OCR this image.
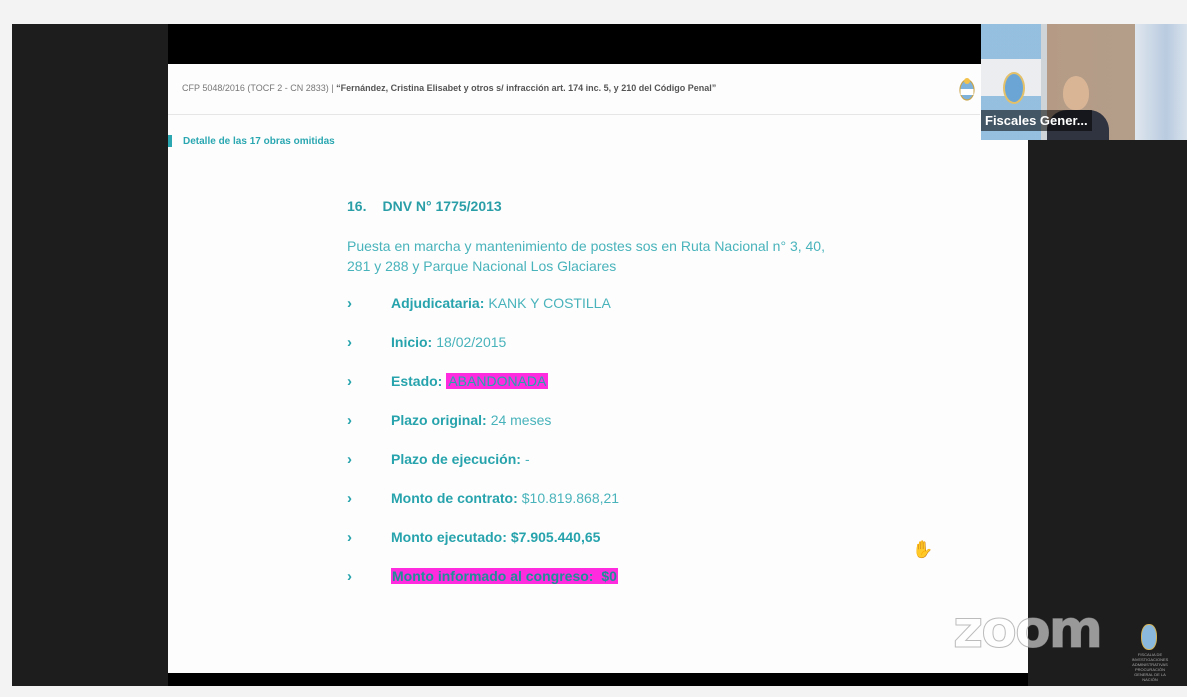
CFP 5048/2016 (TOCF 2 - CN 2833) | “Fernández, Cristina Elisabet y otros s/ infracción art. 174 inc. 5, y 210 del Código Penal”
Detalle de las 17 obras omitidas
16. DNV N° 1775/2013
Puesta en marcha y mantenimiento de postes sos en Ruta Nacional n° 3, 40, 281 y 288 y Parque Nacional Los Glaciares
›	Adjudicataria: KANK Y COSTILLA
›	Inicio: 18/02/2015
›	Estado: ABANDONADA
›	Plazo original: 24 meses
›	Plazo de ejecución: -
›	Monto de contrato: $10.819.868,21
›	Monto ejecutado: $7.905.440,65
›	Monto informado al congreso: $0
✋
Fiscales Gener...
zoom	FISCALIA DE INVESTIGACIONES ADMINISTRATIVAS PROCURACIÓN GENERAL DE LA NACIÓN
